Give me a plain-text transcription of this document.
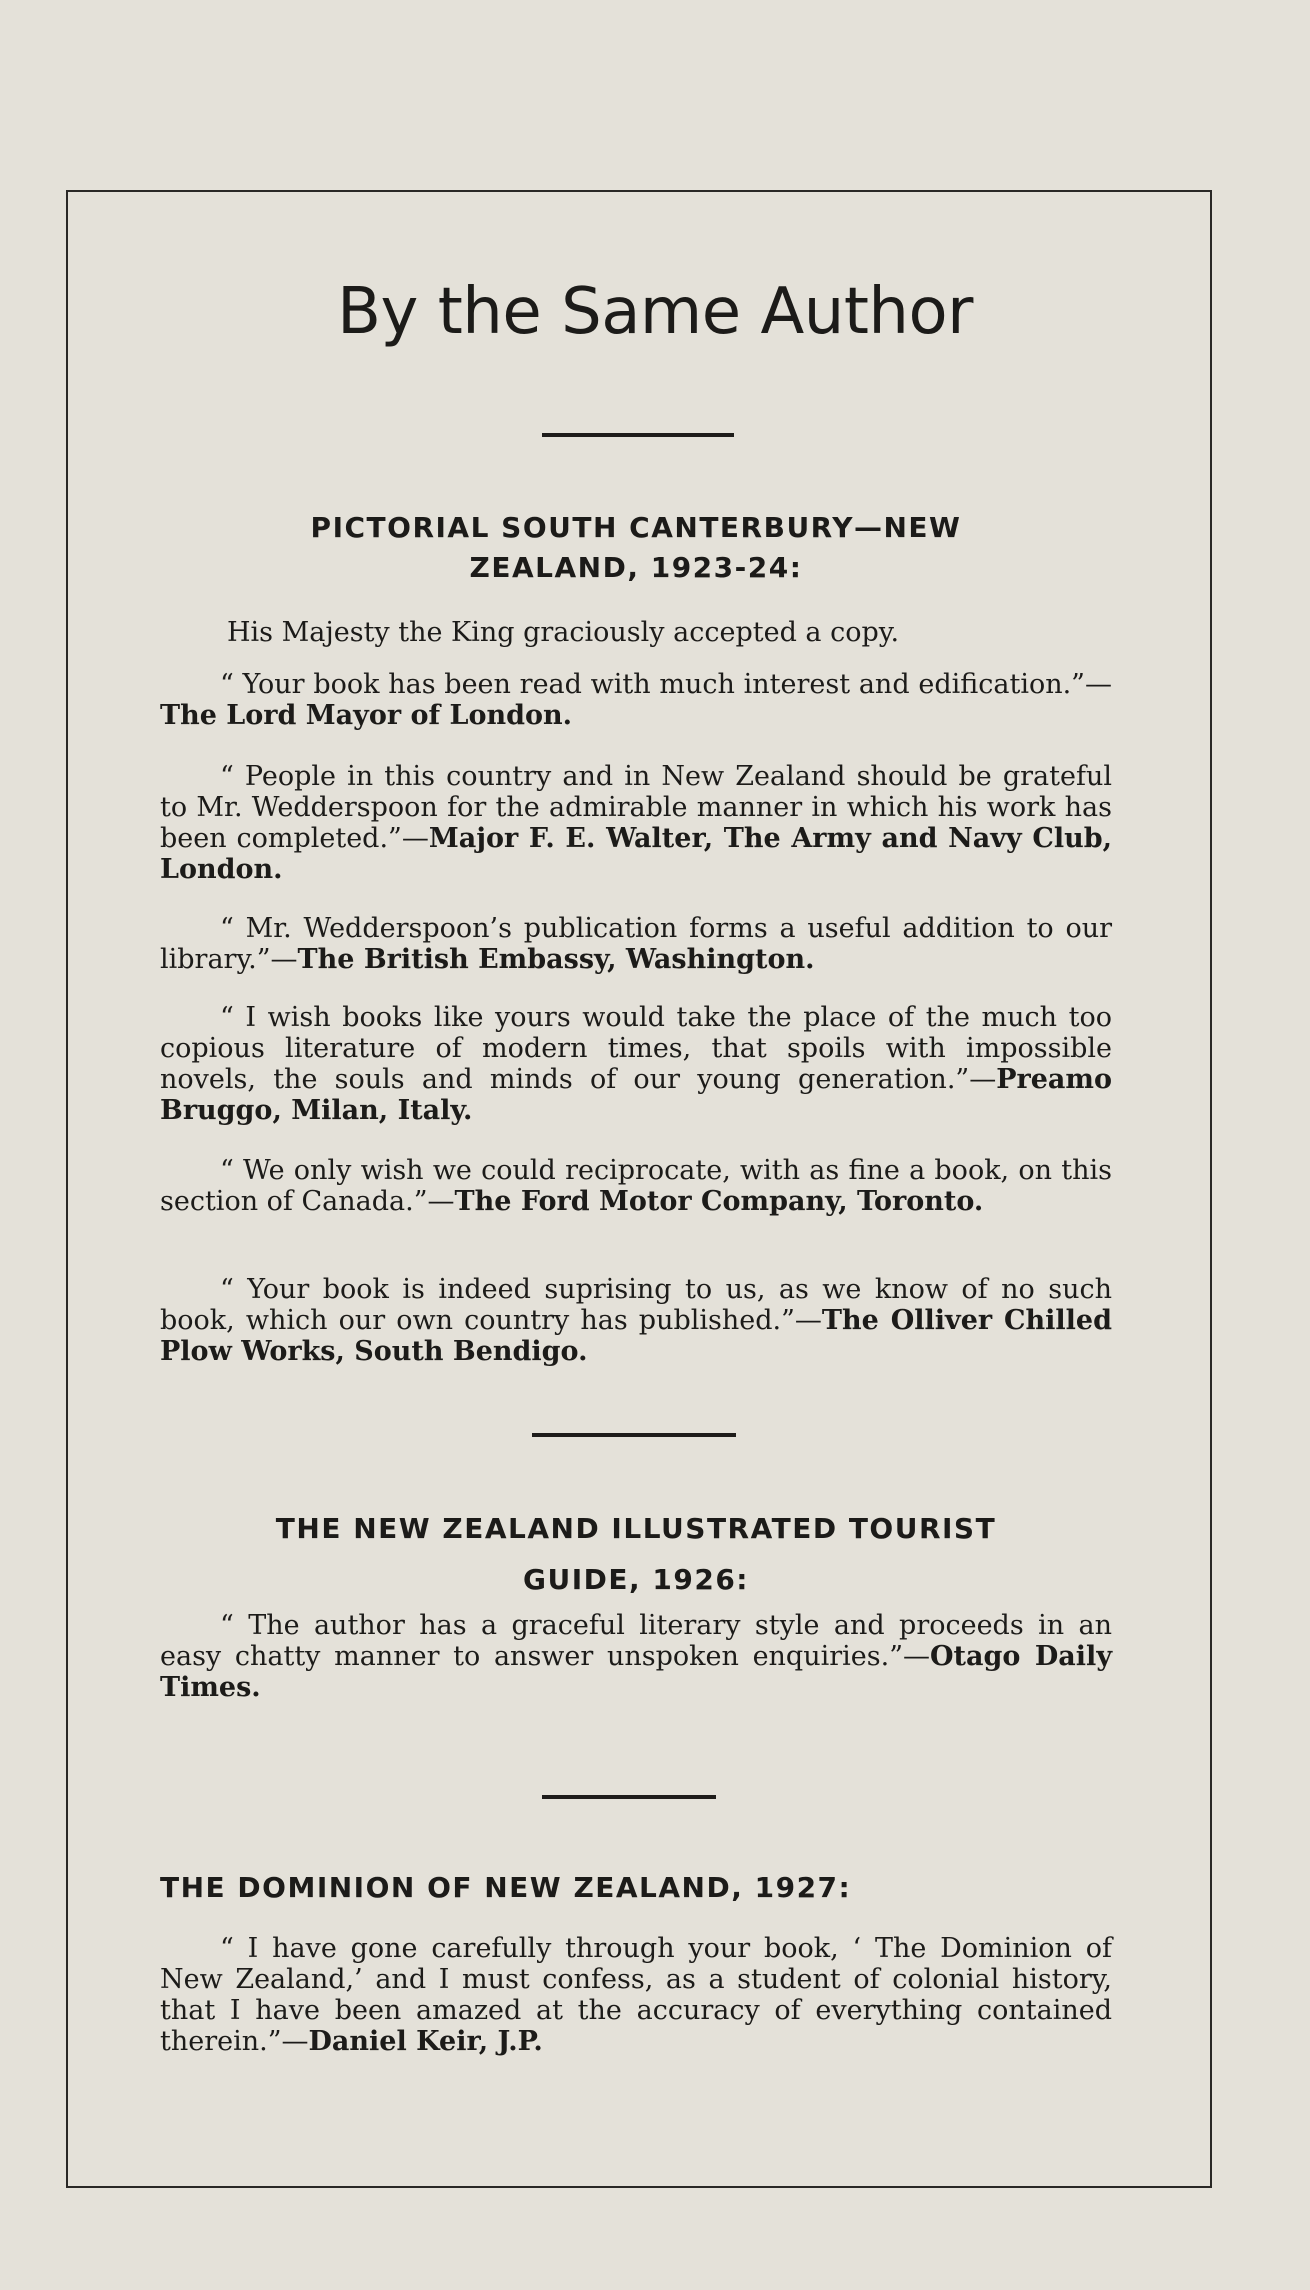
By the Same Author
PICTORIAL SOUTH CANTERBURY—NEW
ZEALAND, 1923-24:

His Majesty the King graciously accepted a copy.

“ Your book has been read with much interest and edification.”—The Lord Mayor of London.

“ People in this country and in New Zealand should be grateful to Mr. Wedderspoon for the admirable manner in which his work has been completed.”—Major F. E. Walter, The Army and Navy Club, London.

“ Mr. Wedderspoon’s publication forms a useful addition to our library.”—The British Embassy, Washington.

“ I wish books like yours would take the place of the much too copious literature of modern times, that spoils with impossible novels, the souls and minds of our young generation.”—Preamo Bruggo, Milan, Italy.

“ We only wish we could reciprocate, with as fine a book, on this section of Canada.”—The Ford Motor Company, Toronto.

“ Your book is indeed suprising to us, as we know of no such book, which our own country has published.”—The Olliver Chilled Plow Works, South Bendigo.

THE NEW ZEALAND ILLUSTRATED TOURIST
GUIDE, 1926:

“ The author has a graceful literary style and proceeds in an easy chatty manner to answer unspoken enquiries.”—Otago Daily Times.

THE DOMINION OF NEW ZEALAND, 1927:

“ I have gone carefully through your book, ‘ The Dominion of New Zealand,’ and I must confess, as a student of colonial history, that I have been amazed at the accuracy of everything contained therein.”—Daniel Keir, J.P.
